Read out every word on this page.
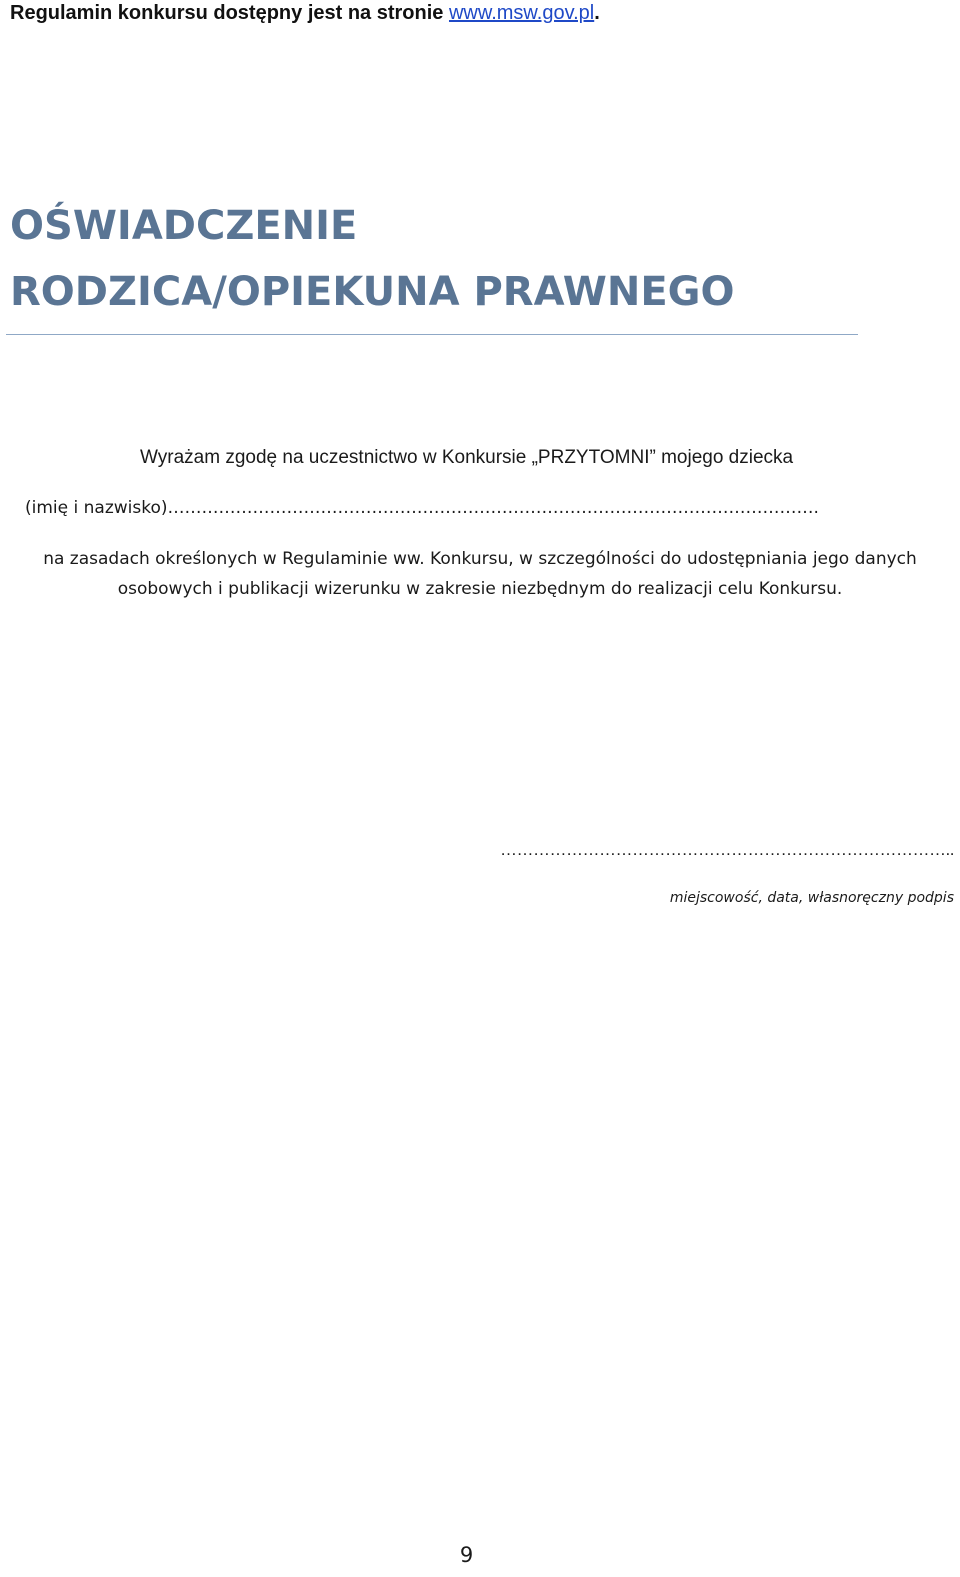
Regulamin konkursu dostępny jest na stronie www.msw.gov.pl.
OŚWIADCZENIE
RODZICA/OPIEKUNA PRAWNEGO
Wyrażam zgodę na uczestnictwo w Konkursie „PRZYTOMNI” mojego dziecka
(imię i nazwisko)…………………………………………………………………………………………………….
na zasadach określonych w Regulaminie ww. Konkursu, w szczególności do udostępniania jego danych
osobowych i publikacji wizerunku w zakresie niezbędnym do realizacji celu Konkursu.
………………………………………………………………………..
miejscowość, data, własnoręczny podpis
9
